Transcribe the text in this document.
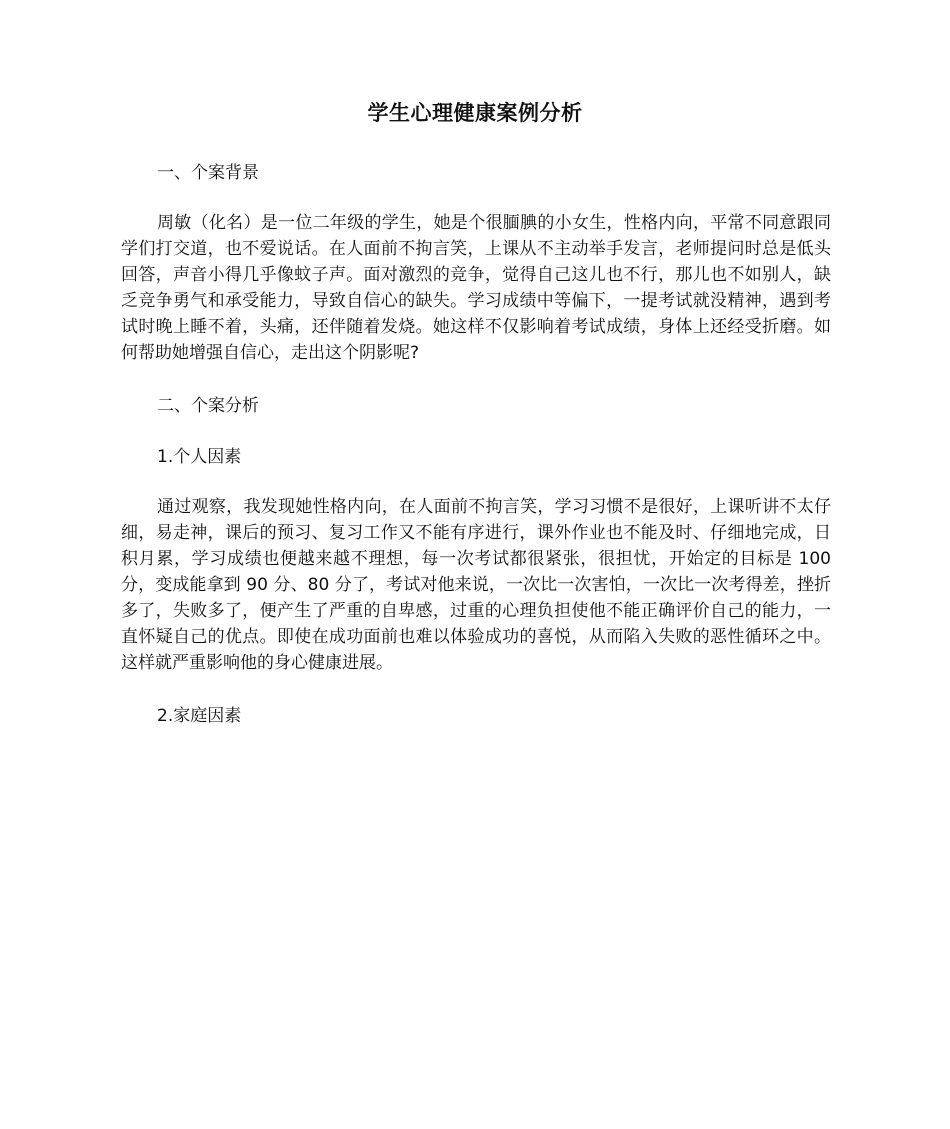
学生心理健康案例分析

一、个案背景

周敏（化名）是一位二年级的学生，她是个很腼腆的小女生，性格内向，平常不同意跟同学们打交道，也不爱说话。在人面前不拘言笑，上课从不主动举手发言，老师提问时总是低头回答，声音小得几乎像蚊子声。面对激烈的竞争，觉得自己这儿也不行，那儿也不如别人，缺乏竞争勇气和承受能力，导致自信心的缺失。学习成绩中等偏下，一提考试就没精神，遇到考试时晚上睡不着，头痛，还伴随着发烧。她这样不仅影响着考试成绩，身体上还经受折磨。如何帮助她增强自信心，走出这个阴影呢?

二、个案分析

1.个人因素

通过观察，我发现她性格内向，在人面前不拘言笑，学习习惯不是很好，上课听讲不太仔细，易走神，课后的预习、复习工作又不能有序进行，课外作业也不能及时、仔细地完成，日积月累，学习成绩也便越来越不理想，每一次考试都很紧张，很担忧，开始定的目标是 100 分，变成能拿到 90 分、80 分了，考试对他来说，一次比一次害怕，一次比一次考得差，挫折多了，失败多了，便产生了严重的自卑感，过重的心理负担使他不能正确评价自己的能力，一直怀疑自己的优点。即使在成功面前也难以体验成功的喜悦，从而陷入失败的恶性循环之中。这样就严重影响他的身心健康进展。

2.家庭因素
